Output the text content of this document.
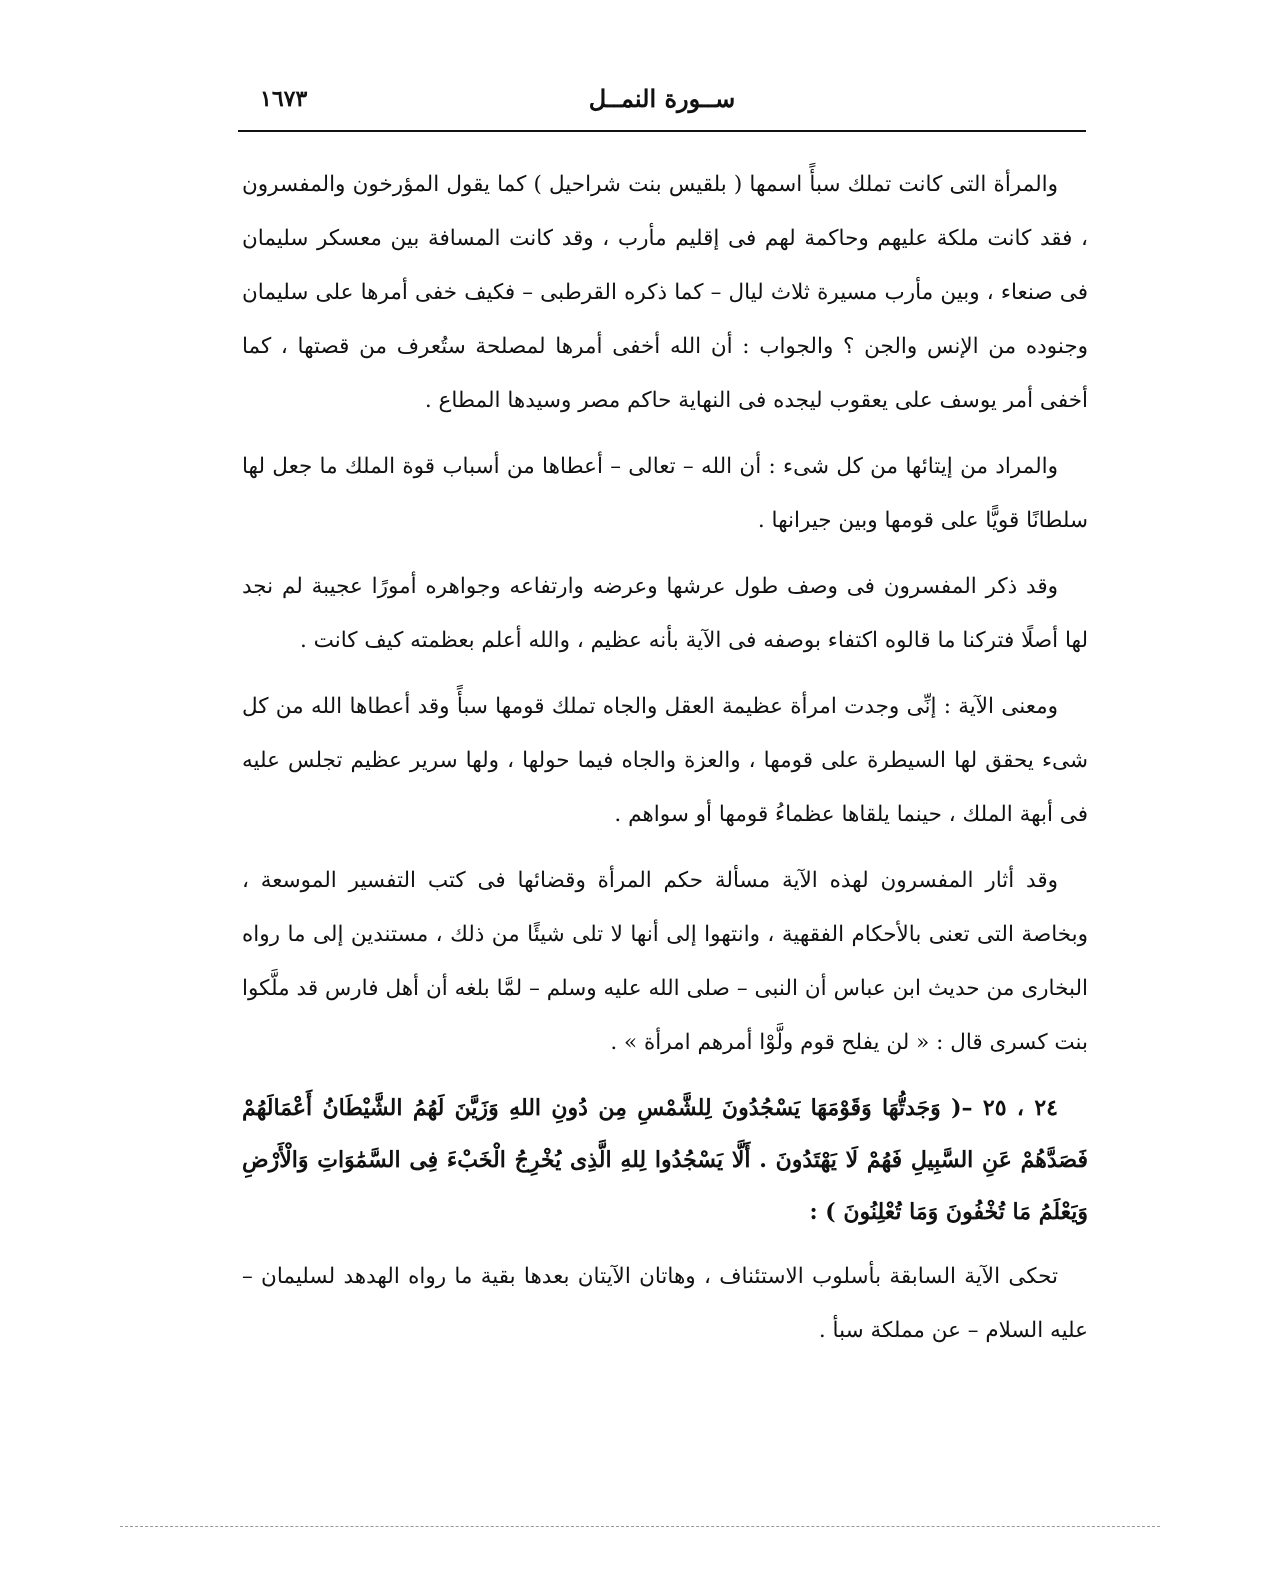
ســورة النمــل
١٦٧٣

والمرأة التى كانت تملك سبأً اسمها ( بلقيس بنت شراحيل ) كما يقول المؤرخون والمفسرون ، فقد كانت ملكة عليهم وحاكمة لهم فى إقليم مأرب ، وقد كانت المسافة بين معسكر سليمان فى صنعاء ، وبين مأرب مسيرة ثلاث ليال – كما ذكره القرطبى – فكيف خفى أمرها على سليمان وجنوده من الإنس والجن ؟ والجواب : أن الله أخفى أمرها لمصلحة ستُعرف من قصتها ، كما أخفى أمر يوسف على يعقوب ليجده فى النهاية حاكم مصر وسيدها المطاع .

والمراد من إيتائها من كل شىء : أن الله – تعالى – أعطاها من أسباب قوة الملك ما جعل لها سلطانًا قويًّا على قومها وبين جيرانها .

وقد ذكر المفسرون فى وصف طول عرشها وعرضه وارتفاعه وجواهره أمورًا عجيبة لم نجد لها أصلًا فتركنا ما قالوه اكتفاء بوصفه فى الآية بأنه عظيم ، والله أعلم بعظمته كيف كانت .

ومعنى الآية : إنِّى وجدت امرأة عظيمة العقل والجاه تملك قومها سبأً وقد أعطاها الله من كل شىء يحقق لها السيطرة على قومها ، والعزة والجاه فيما حولها ، ولها سرير عظيم تجلس عليه فى أبهة الملك ، حينما يلقاها عظماءُ قومها أو سواهم .

وقد أثار المفسرون لهذه الآية مسألة حكم المرأة وقضائها فى كتب التفسير الموسعة ، وبخاصة التى تعنى بالأحكام الفقهية ، وانتهوا إلى أنها لا تلى شيئًا من ذلك ، مستندين إلى ما رواه البخارى من حديث ابن عباس أن النبى – صلى الله عليه وسلم – لمَّا بلغه أن أهل فارس قد ملَّكوا بنت كسرى قال : « لن يفلح قوم ولَّوْا أمرهم امرأة » .

٢٤ ، ٢٥ –( وَجَدتُّهَا وَقَوْمَهَا يَسْجُدُونَ لِلشَّمْسِ مِن دُونِ اللهِ وَزَيَّنَ لَهُمُ الشَّيْطَانُ أَعْمَالَهُمْ فَصَدَّهُمْ عَنِ السَّبِيلِ فَهُمْ لَا يَهْتَدُونَ . أَلَّا يَسْجُدُوا لِلهِ الَّذِى يُخْرِجُ الْخَبْءَ فِى السَّمَٰوَاتِ وَالْأَرْضِ وَيَعْلَمُ مَا تُخْفُونَ وَمَا تُعْلِنُونَ ) :

تحكى الآية السابقة بأسلوب الاستئناف ، وهاتان الآيتان بعدها بقية ما رواه الهدهد لسليمان – عليه السلام – عن مملكة سبأ .
